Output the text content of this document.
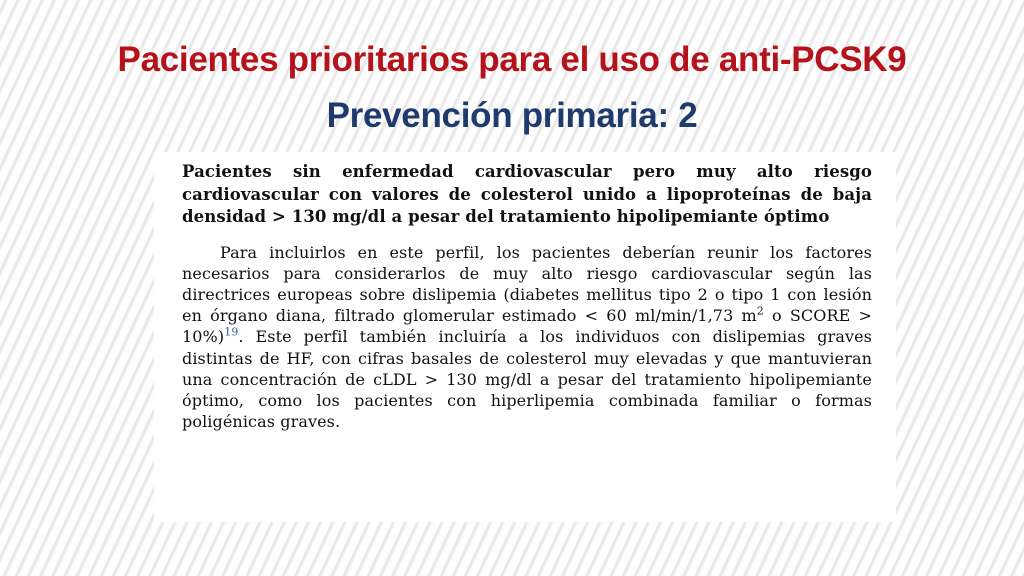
Pacientes prioritarios para el uso de anti-PCSK9
Prevención primaria: 2
Pacientes sin enfermedad cardiovascular pero muy alto riesgo cardiovascular con valores de colesterol unido a lipoproteínas de baja densidad > 130 mg/dl a pesar del tratamiento hipolipemiante óptimo
Para incluirlos en este perfil, los pacientes deberían reunir los factores necesarios para considerarlos de muy alto riesgo cardiovascular según las directrices europeas sobre dislipemia (diabetes mellitus tipo 2 o tipo 1 con lesión en órgano diana, filtrado glomerular estimado < 60 ml/min/1,73 $m^2$ o SCORE > 10%)$^{19}$. Este perfil también incluiría a los individuos con dislipemias graves distintas de HF, con cifras basales de colesterol muy elevadas y que mantuvieran una concentración de cLDL > 130 mg/dl a pesar del tratamiento hipolipemiante óptimo, como los pacientes con hiperlipemia combinada familiar o formas poligénicas graves.
